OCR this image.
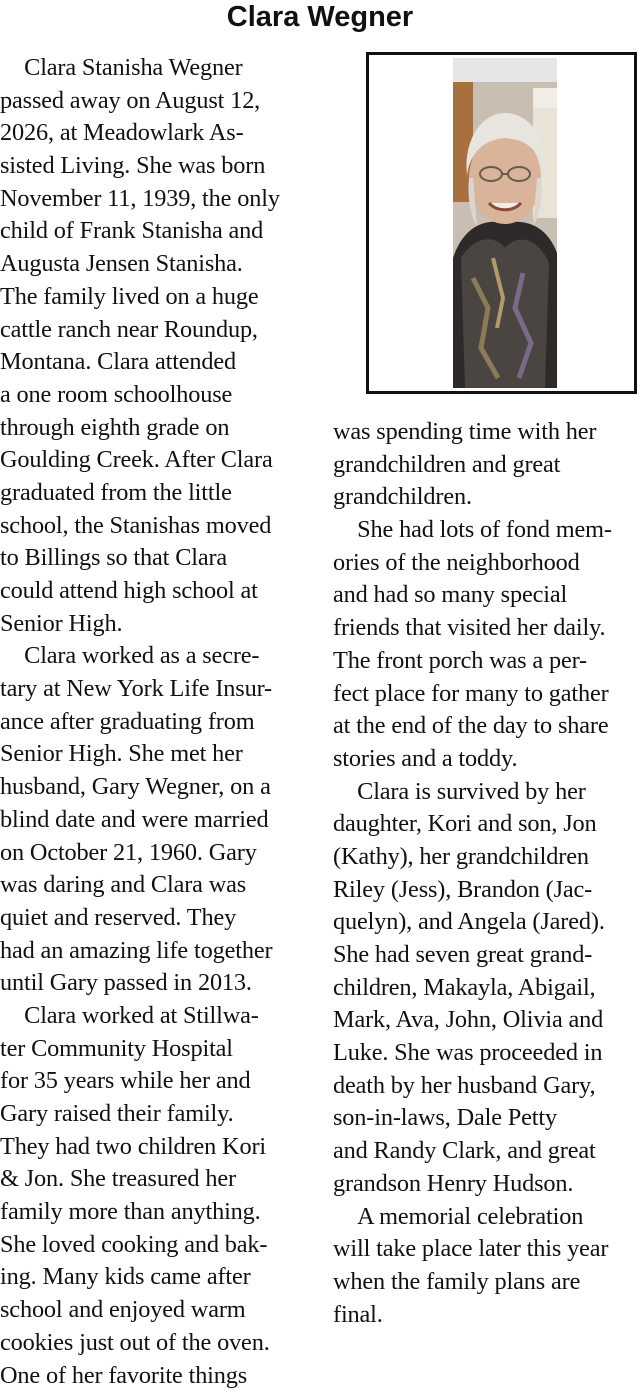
Clara Wegner
 Clara Stanisha Wegner
passed away on August 12,
2026, at Meadowlark As-
sisted Living. She was born
November 11, 1939, the only
child of Frank Stanisha and
Augusta Jensen Stanisha.
The family lived on a huge
cattle ranch near Roundup,
Montana. Clara attended
a one room schoolhouse
through eighth grade on
Goulding Creek. After Clara
graduated from the little
school, the Stanishas moved
to Billings so that Clara
could attend high school at
Senior High.
 Clara worked as a secre-
tary at New York Life Insur-
ance after graduating from
Senior High. She met her
husband, Gary Wegner, on a
blind date and were married
on October 21, 1960. Gary
was daring and Clara was
quiet and reserved. They
had an amazing life together
until Gary passed in 2013.
 Clara worked at Stillwa-
ter Community Hospital
for 35 years while her and
Gary raised their family.
They had two children Kori
& Jon. She treasured her
family more than anything.
She loved cooking and bak-
ing. Many kids came after
school and enjoyed warm
cookies just out of the oven.
One of her favorite things
was spending time with her
grandchildren and great
grandchildren.
 She had lots of fond mem-
ories of the neighborhood
and had so many special
friends that visited her daily.
The front porch was a per-
fect place for many to gather
at the end of the day to share
stories and a toddy.
 Clara is survived by her
daughter, Kori and son, Jon
(Kathy), her grandchildren
Riley (Jess), Brandon (Jac-
quelyn), and Angela (Jared).
She had seven great grand-
children, Makayla, Abigail,
Mark, Ava, John, Olivia and
Luke. She was proceeded in
death by her husband Gary,
son-in-laws, Dale Petty
and Randy Clark, and great
grandson Henry Hudson.
 A memorial celebration
will take place later this year
when the family plans are
final.
